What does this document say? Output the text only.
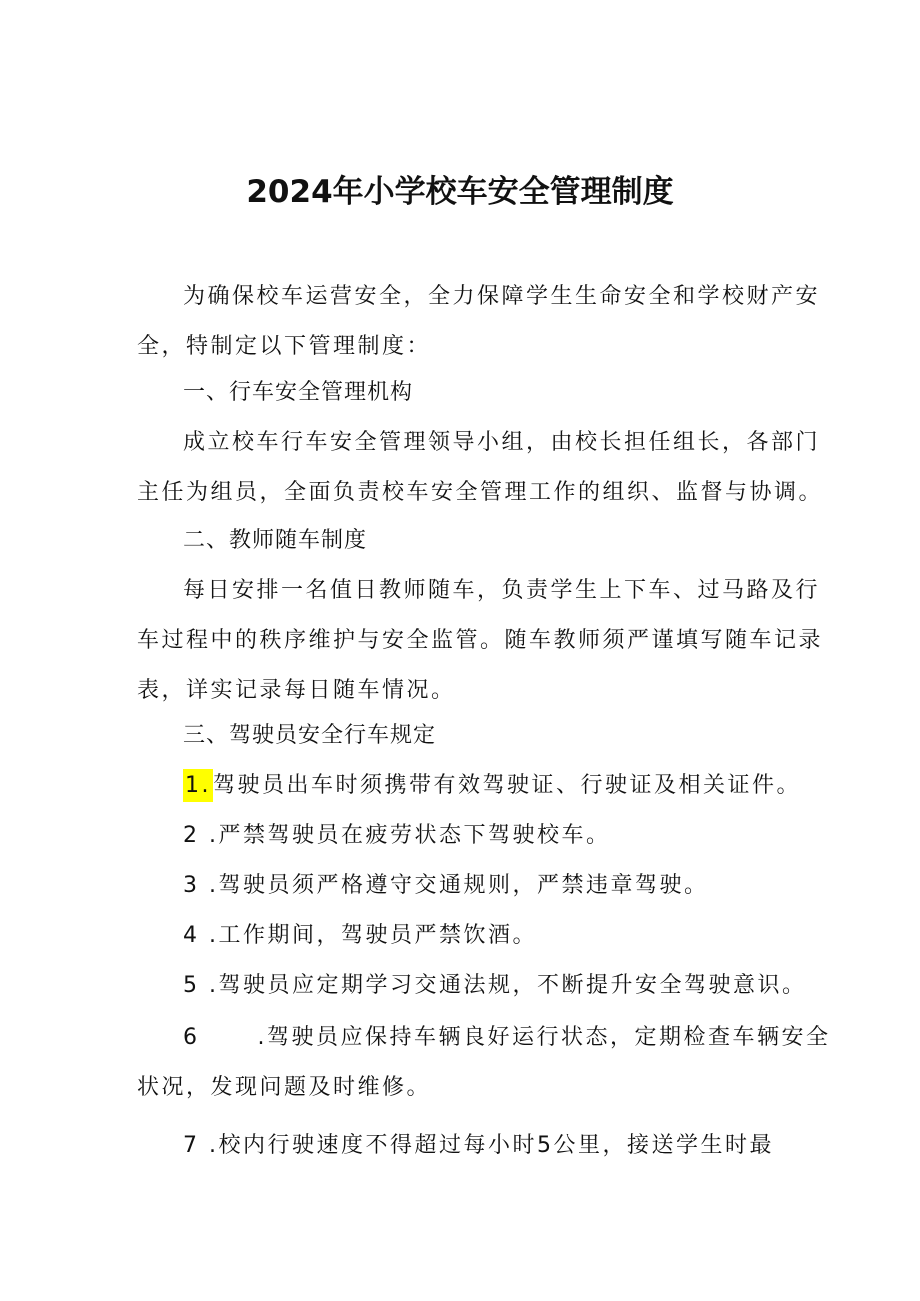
2024年小学校车安全管理制度
为确保校车运营安全，全力保障学生生命安全和学校财产安
全，特制定以下管理制度：
一、行车安全管理机构
成立校车行车安全管理领导小组，由校长担任组长，各部门
主任为组员，全面负责校车安全管理工作的组织、监督与协调。
二、教师随车制度
每日安排一名值日教师随车，负责学生上下车、过马路及行
车过程中的秩序维护与安全监管。随车教师须严谨填写随车记录
表，详实记录每日随车情况。
三、驾驶员安全行车规定
1.驾驶员出车时须携带有效驾驶证、行驶证及相关证件。
2 .严禁驾驶员在疲劳状态下驾驶校车。
3 .驾驶员须严格遵守交通规则，严禁违章驾驶。
4 .工作期间，驾驶员严禁饮酒。
5 .驾驶员应定期学习交通法规，不断提升安全驾驶意识。
6	.驾驶员应保持车辆良好运行状态，定期检查车辆安全
状况，发现问题及时维修。
7 .校内行驶速度不得超过每小时5公里，接送学生时最
